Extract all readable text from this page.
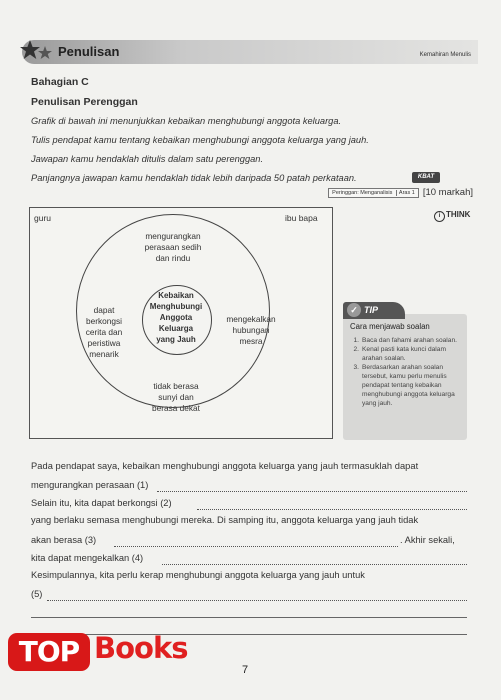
Penulisan	Kemahiran Menulis
Bahagian C
Penulisan Perenggan
Grafik di bawah ini menunjukkan kebaikan menghubungi anggota keluarga.
Tulis pendapat kamu tentang kebaikan menghubungi anggota keluarga yang jauh.
Jawapan kamu hendaklah ditulis dalam satu perenggan.
Panjangnya jawapan kamu hendaklah tidak lebih daripada 50 patah perkataan.	KBAT
Peringgan: Menganalisis Aras 1 [10 markah]
i THINK
guru	ibu bapa
mengurangkan
perasaan sedih
dan rindu
dapat
berkongsi
cerita dan
peristiwa
menarik
mengekalkan
hubungan
mesra
tidak berasa
sunyi dan
berasa dekat
Kebaikan
Menghubungi
Anggota
Keluarga
yang Jauh
✓ TIP
Cara menjawab soalan
1. Baca dan fahami arahan soalan.
2. Kenal pasti kata kunci dalam arahan soalan.
3. Berdasarkan arahan soalan tersebut, kamu perlu menulis pendapat tentang kebaikan menghubungi anggota keluarga yang jauh.
Pada pendapat saya, kebaikan menghubungi anggota keluarga yang jauh termasuklah dapat
mengurangkan perasaan (1)
Selain itu, kita dapat berkongsi (2)
yang berlaku semasa menghubungi mereka. Di samping itu, anggota keluarga yang jauh tidak
akan berasa (3)	. Akhir sekali,
kita dapat mengekalkan (4)
Kesimpulannya, kita perlu kerap menghubungi anggota keluarga yang jauh untuk
(5)
TOP Books
7
